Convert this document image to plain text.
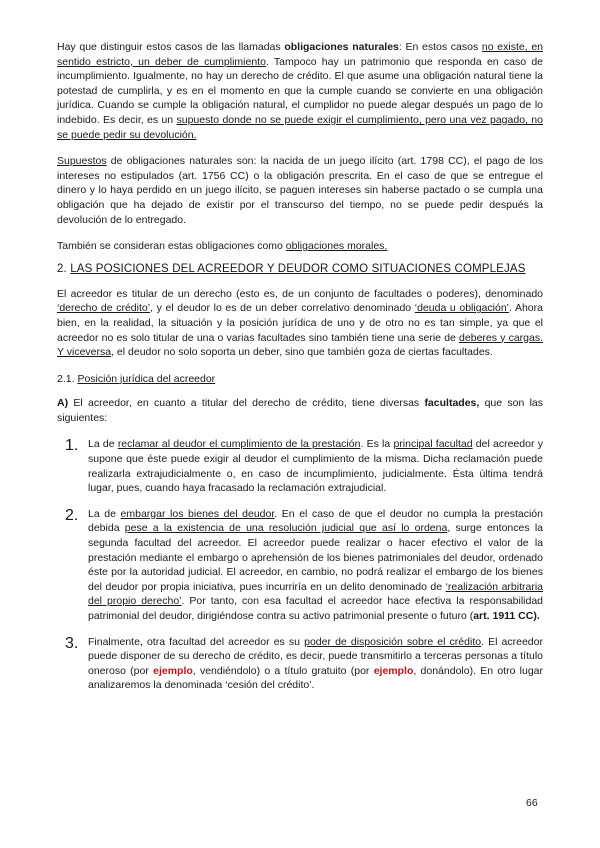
Hay que distinguir estos casos de las llamadas obligaciones naturales: En estos casos no existe, en sentido estricto, un deber de cumplimiento. Tampoco hay un patrimonio que responda en caso de incumplimiento. Igualmente, no hay un derecho de crédito. El que asume una obligación natural tiene la potestad de cumplirla, y es en el momento en que la cumple cuando se convierte en una obligación jurídica. Cuando se cumple la obligación natural, el cumplidor no puede alegar después un pago de lo indebido. Es decir, es un supuesto donde no se puede exigir el cumplimiento, pero una vez pagado, no se puede pedir su devolución.

Supuestos de obligaciones naturales son: la nacida de un juego ilícito (art. 1798 CC), el pago de los intereses no estipulados (art. 1756 CC) o la obligación prescrita. En el caso de que se entregue el dinero y lo haya perdido en un juego ilícito, se paguen intereses sin haberse pactado o se cumpla una obligación que ha dejado de existir por el transcurso del tiempo, no se puede pedir después la devolución de lo entregado.

También se consideran estas obligaciones como obligaciones morales.

2. LAS POSICIONES DEL ACREEDOR Y DEUDOR COMO SITUACIONES COMPLEJAS

El acreedor es titular de un derecho (esto es, de un conjunto de facultades o poderes), denominado ‘derecho de crédito’, y el deudor lo es de un deber correlativo denominado ‘deuda u obligación’. Ahora bien, en la realidad, la situación y la posición jurídica de uno y de otro no es tan simple, ya que el acreedor no es solo titular de una o varias facultades sino también tiene una serie de deberes y cargas. Y viceversa, el deudor no solo soporta un deber, sino que también goza de ciertas facultades.

2.1. Posición jurídica del acreedor

A) El acreedor, en cuanto a titular del derecho de crédito, tiene diversas facultades, que son las siguientes:

1. La de reclamar al deudor el cumplimiento de la prestación. Es la principal facultad del acreedor y supone que éste puede exigir al deudor el cumplimiento de la misma. Dicha reclamación puede realizarla extrajudicialmente o, en caso de incumplimiento, judicialmente. Ésta última tendrá lugar, pues, cuando haya fracasado la reclamación extrajudicial.

2. La de embargar los bienes del deudor. En el caso de que el deudor no cumpla la prestación debida pese a la existencia de una resolución judicial que así lo ordena, surge entonces la segunda facultad del acreedor. El acreedor puede realizar o hacer efectivo el valor de la prestación mediante el embargo o aprehensión de los bienes patrimoniales del deudor, ordenado éste por la autoridad judicial. El acreedor, en cambio, no podrá realizar el embargo de los bienes del deudor por propia iniciativa, pues incurriría en un delito denominado de ‘realización arbitraria del propio derecho’. Por tanto, con esa facultad el acreedor hace efectiva la responsabilidad patrimonial del deudor, dirigiéndose contra su activo patrimonial presente o futuro (art. 1911 CC).

3. Finalmente, otra facultad del acreedor es su poder de disposición sobre el crédito. El acreedor puede disponer de su derecho de crédito, es decir, puede transmitirlo a terceras personas a título oneroso (por ejemplo, vendiéndolo) o a título gratuito (por ejemplo, donándolo). En otro lugar analizaremos la denominada ‘cesión del crédito’.

66
